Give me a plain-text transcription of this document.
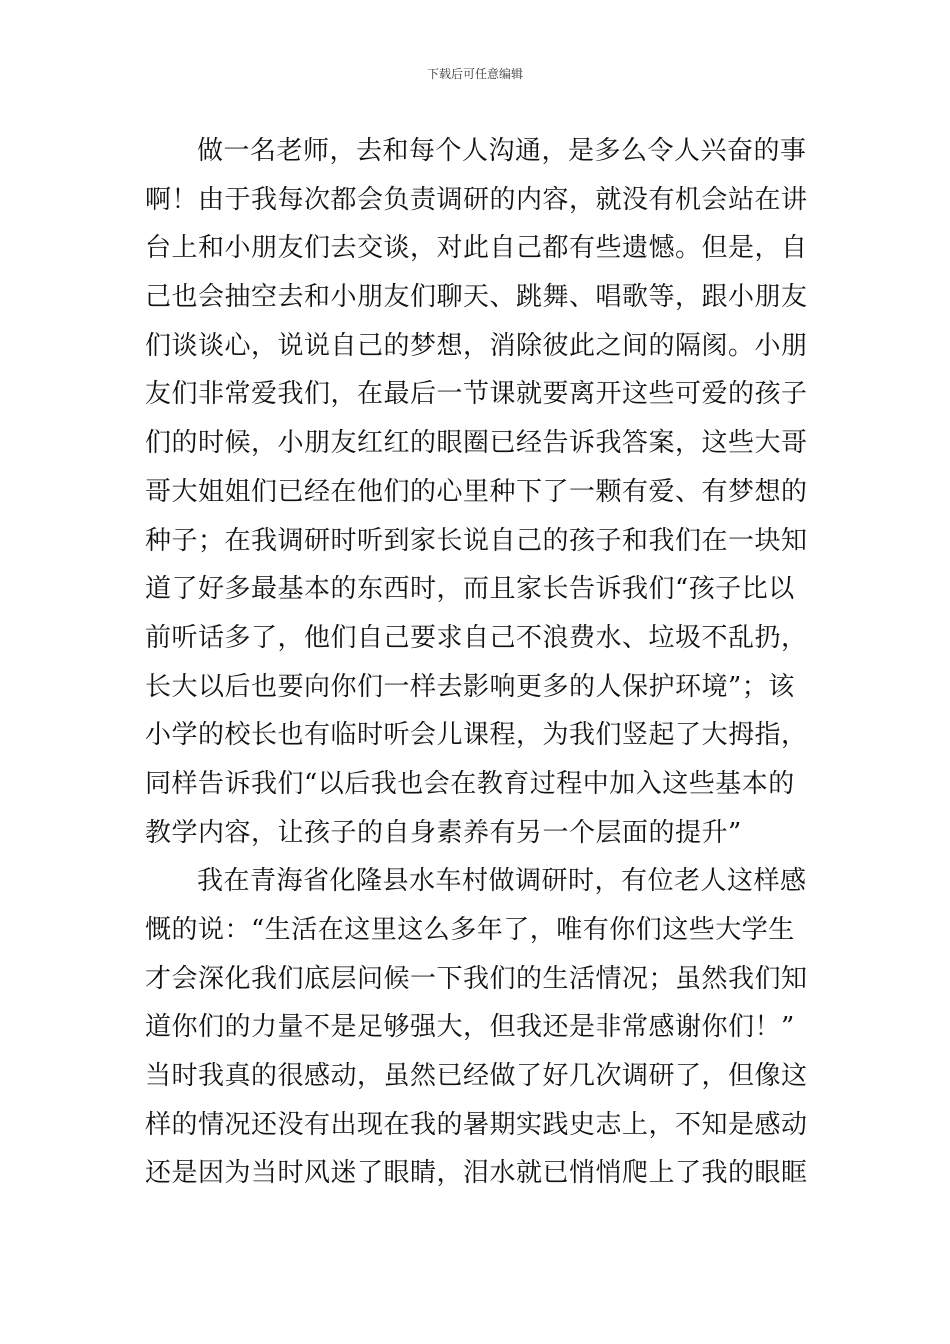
下载后可任意编辑
做一名老师，去和每个人沟通，是多么令人兴奋的事
啊！由于我每次都会负责调研的内容，就没有机会站在讲
台上和小朋友们去交谈，对此自己都有些遗憾。但是，自
己也会抽空去和小朋友们聊天、跳舞、唱歌等，跟小朋友
们谈谈心，说说自己的梦想，消除彼此之间的隔阂。小朋
友们非常爱我们，在最后一节课就要离开这些可爱的孩子
们的时候，小朋友红红的眼圈已经告诉我答案，这些大哥
哥大姐姐们已经在他们的心里种下了一颗有爱、有梦想的
种子；在我调研时听到家长说自己的孩子和我们在一块知
道了好多最基本的东西时，而且家长告诉我们“孩子比以
前听话多了，他们自己要求自己不浪费水、垃圾不乱扔，
长大以后也要向你们一样去影响更多的人保护环境”；该
小学的校长也有临时听会儿课程，为我们竖起了大拇指，
同样告诉我们“以后我也会在教育过程中加入这些基本的
教学内容，让孩子的自身素养有另一个层面的提升”
我在青海省化隆县水车村做调研时，有位老人这样感
慨的说：“生活在这里这么多年了，唯有你们这些大学生
才会深化我们底层问候一下我们的生活情况；虽然我们知
道你们的力量不是足够强大，但我还是非常感谢你们！”
当时我真的很感动，虽然已经做了好几次调研了，但像这
样的情况还没有出现在我的暑期实践史志上，不知是感动
还是因为当时风迷了眼睛，泪水就已悄悄爬上了我的眼眶
